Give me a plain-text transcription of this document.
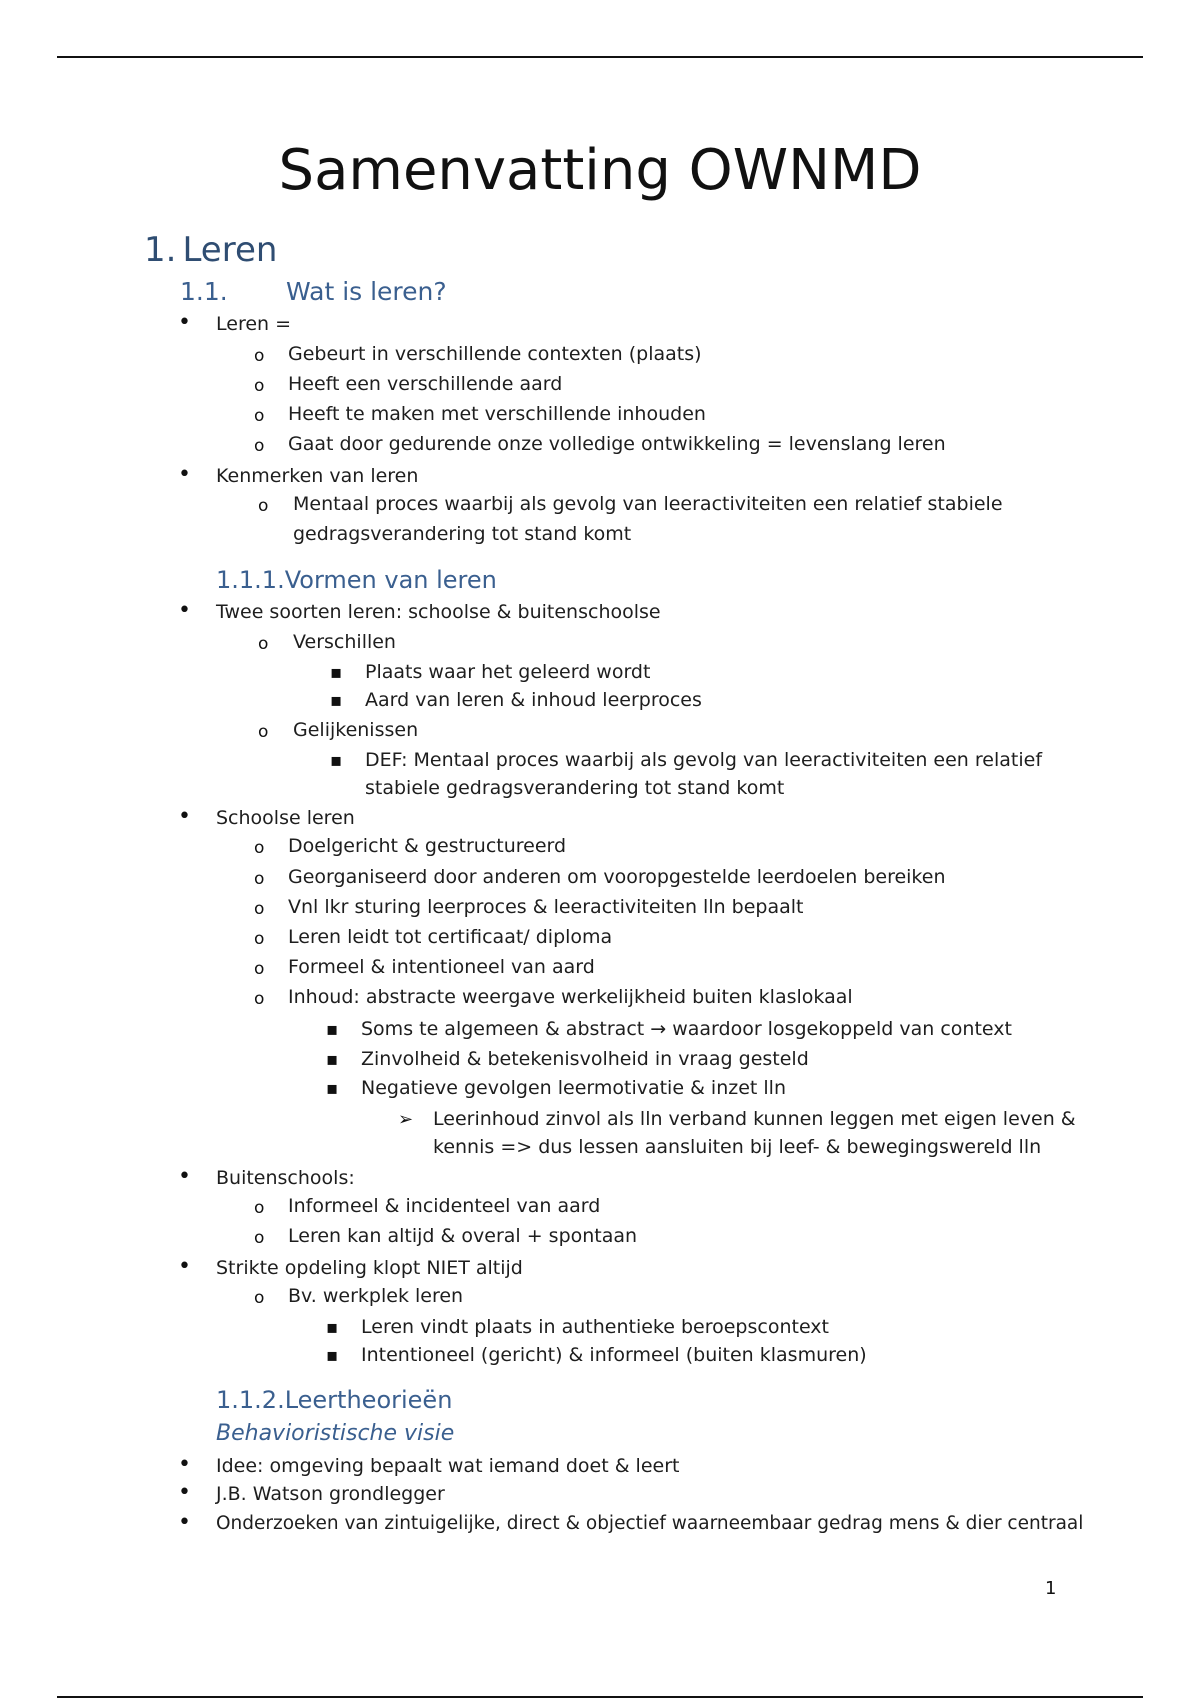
Samenvatting OWNMD
1. Leren
1.1. Wat is leren?
•
Leren =
o
Gebeurt in verschillende contexten (plaats)
o
Heeft een verschillende aard
o
Heeft te maken met verschillende inhouden
o
Gaat door gedurende onze volledige ontwikkeling = levenslang leren
•
Kenmerken van leren
o
Mentaal proces waarbij als gevolg van leeractiviteiten een relatief stabiele
gedragsverandering tot stand komt
1.1.1.Vormen van leren
•
Twee soorten leren: schoolse & buitenschoolse
o
Verschillen
▪
Plaats waar het geleerd wordt
▪
Aard van leren & inhoud leerproces
o
Gelijkenissen
▪
DEF: Mentaal proces waarbij als gevolg van leeractiviteiten een relatief
stabiele gedragsverandering tot stand komt
•
Schoolse leren
o
Doelgericht & gestructureerd
o
Georganiseerd door anderen om vooropgestelde leerdoelen bereiken
o
Vnl lkr sturing leerproces & leeractiviteiten lln bepaalt
o
Leren leidt tot certificaat/ diploma
o
Formeel & intentioneel van aard
o
Inhoud: abstracte weergave werkelijkheid buiten klaslokaal
▪
Soms te algemeen & abstract → waardoor losgekoppeld van context
▪
Zinvolheid & betekenisvolheid in vraag gesteld
▪
Negatieve gevolgen leermotivatie & inzet lln
➢
Leerinhoud zinvol als lln verband kunnen leggen met eigen leven &
kennis => dus lessen aansluiten bij leef- & bewegingswereld lln
•
Buitenschools:
o
Informeel & incidenteel van aard
o
Leren kan altijd & overal + spontaan
•
Strikte opdeling klopt NIET altijd
o
Bv. werkplek leren
▪
Leren vindt plaats in authentieke beroepscontext
▪
Intentioneel (gericht) & informeel (buiten klasmuren)
1.1.2.Leertheorieën
Behavioristische visie
•
Idee: omgeving bepaalt wat iemand doet & leert
•
J.B. Watson grondlegger
•
Onderzoeken van zintuigelijke, direct & objectief waarneembaar gedrag mens & dier centraal
1
